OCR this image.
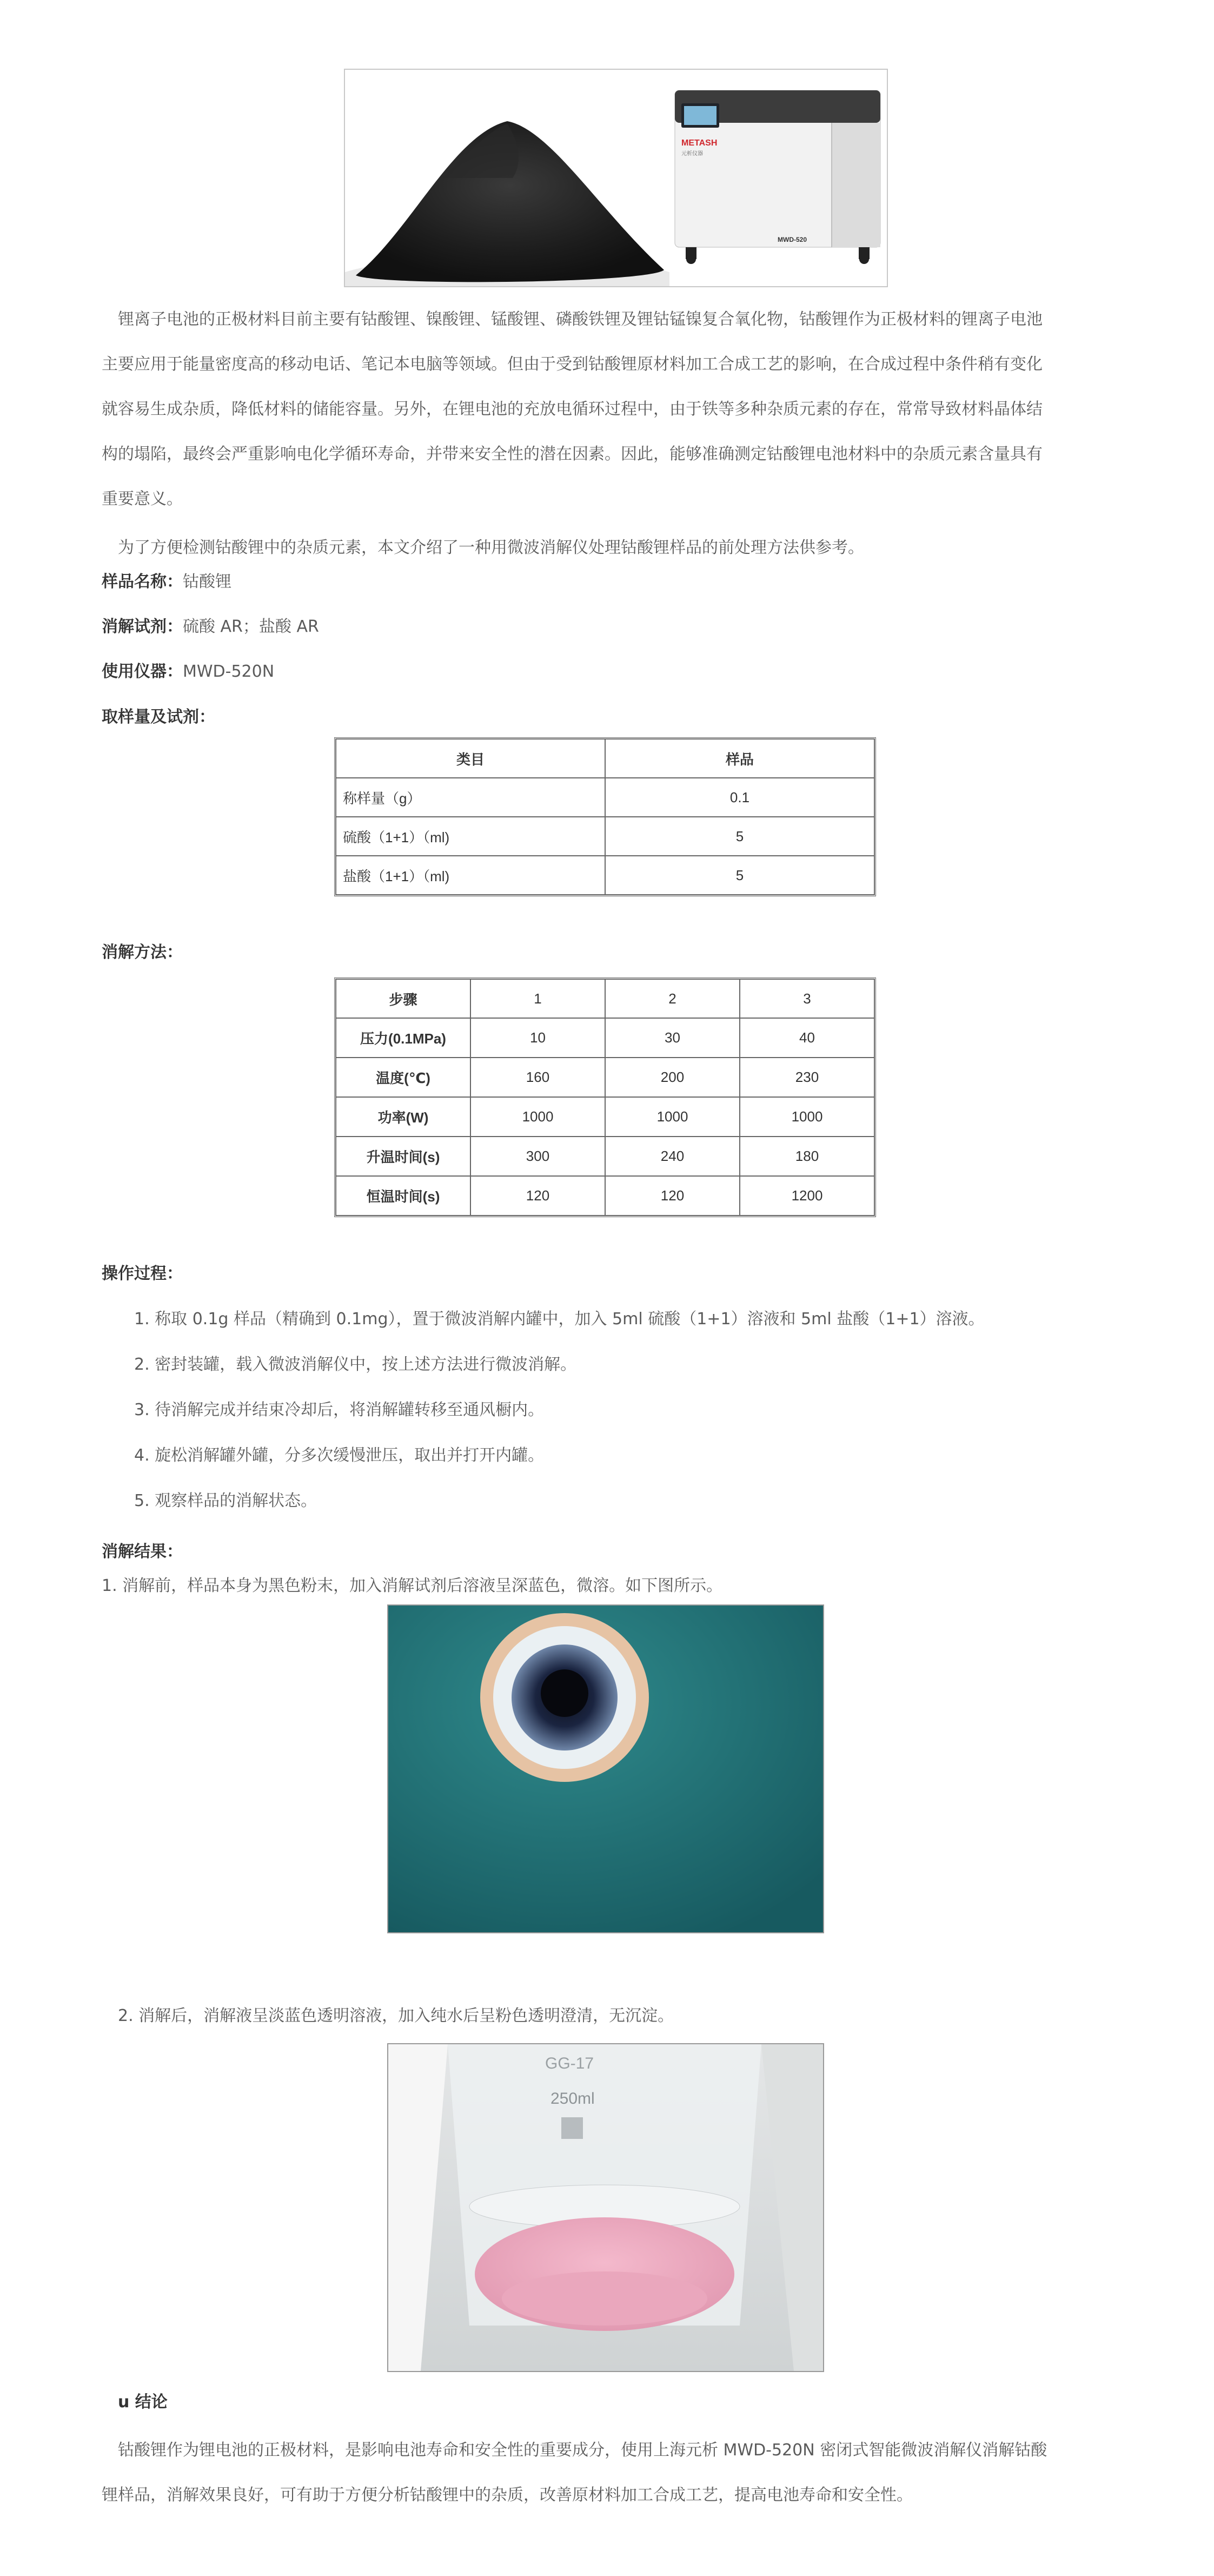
METASH
元析仪器
MWD-520
锂离子电池的正极材料目前主要有钴酸锂、镍酸锂、锰酸锂、磷酸铁锂及锂钴锰镍复合氧化物，钴酸锂作为正极材料的锂离子电池
主要应用于能量密度高的移动电话、笔记本电脑等领域。但由于受到钴酸锂原材料加工合成工艺的影响，在合成过程中条件稍有变化
就容易生成杂质，降低材料的储能容量。另外，在锂电池的充放电循环过程中，由于铁等多种杂质元素的存在，常常导致材料晶体结
构的塌陷，最终会严重影响电化学循环寿命，并带来安全性的潜在因素。因此，能够准确测定钴酸锂电池材料中的杂质元素含量具有
重要意义。
为了方便检测钴酸锂中的杂质元素，本文介绍了一种用微波消解仪处理钴酸锂样品的前处理方法供参考。
样品名称：钴酸锂
消解试剂：硫酸 AR；盐酸 AR
使用仪器：MWD-520N
取样量及试剂：
类目	样品
称样量（g）	0.1
硫酸（1+1）（ml)	5
盐酸（1+1）（ml)	5
消解方法：
步骤	1	2	3
压力(0.1MPa)	10	30	40
温度(℃)	160	200	230
功率(W)	1000	1000	1000
升温时间(s)	300	240	180
恒温时间(s)	120	120	1200
操作过程：
1. 称取 0.1g 样品（精确到 0.1mg），置于微波消解内罐中，加入 5ml 硫酸（1+1）溶液和 5ml 盐酸（1+1）溶液。
2. 密封装罐，载入微波消解仪中，按上述方法进行微波消解。
3. 待消解完成并结束冷却后，将消解罐转移至通风橱内。
4. 旋松消解罐外罐，分多次缓慢泄压，取出并打开内罐。
5. 观察样品的消解状态。
消解结果：
1. 消解前，样品本身为黑色粉末，加入消解试剂后溶液呈深蓝色，微溶。如下图所示。
2. 消解后，消解液呈淡蓝色透明溶液，加入纯水后呈粉色透明澄清，无沉淀。
GG-17
250ml
u 结论
钴酸锂作为锂电池的正极材料，是影响电池寿命和安全性的重要成分，使用上海元析 MWD-520N 密闭式智能微波消解仪消解钴酸
锂样品，消解效果良好，可有助于方便分析钴酸锂中的杂质，改善原材料加工合成工艺，提高电池寿命和安全性。
